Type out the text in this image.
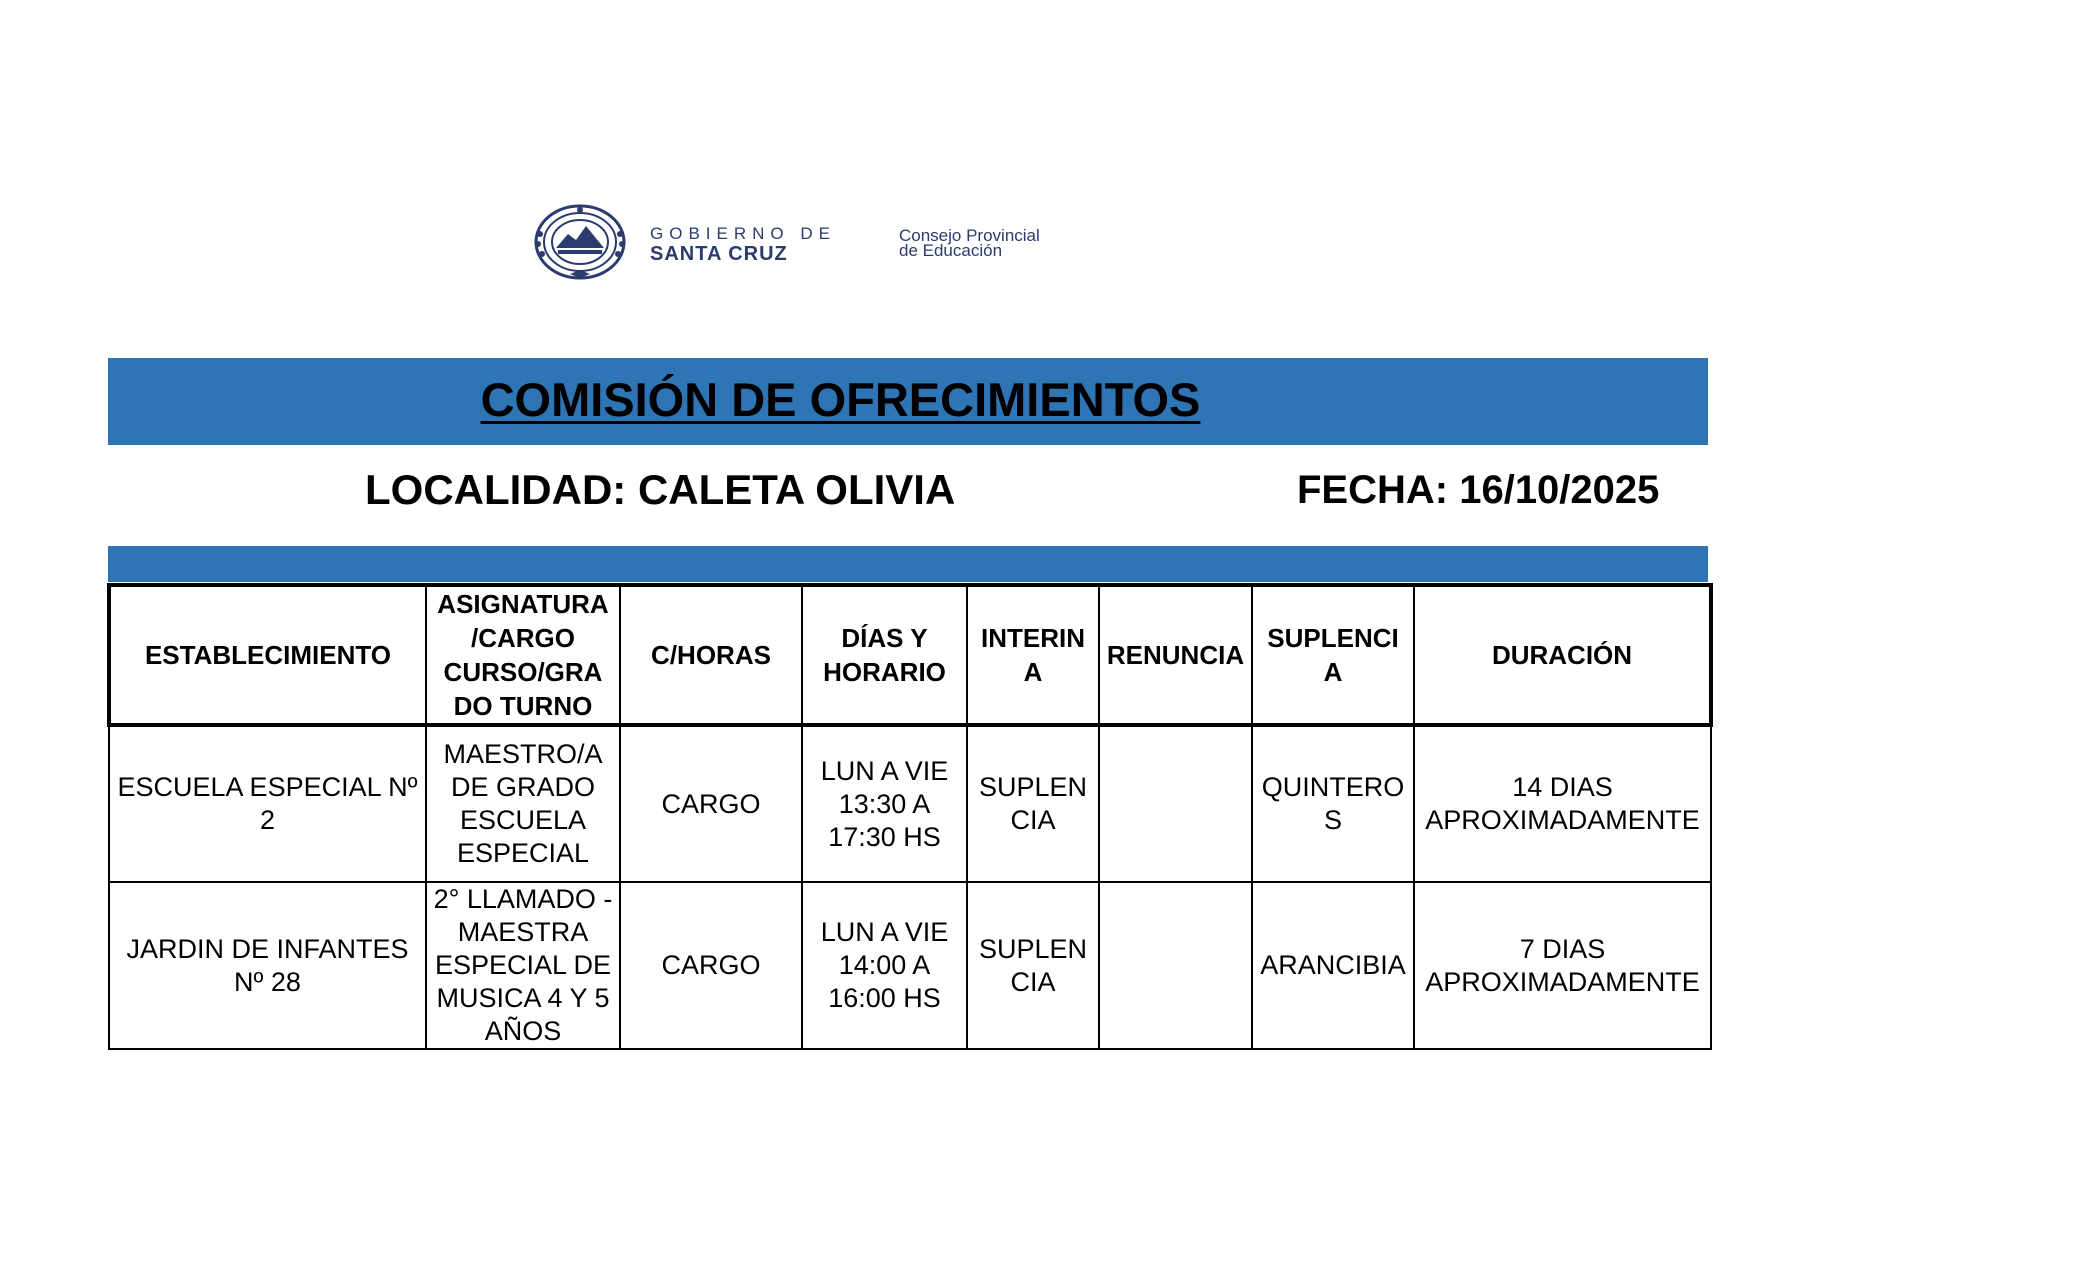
GOBIERNO DE
SANTA CRUZ
Consejo Provincial
de Educación
COMISIÓN DE OFRECIMIENTOS
LOCALIDAD: CALETA OLIVIA	FECHA: 16/10/2025
ESTABLECIMIENTO	ASIGNATURA /CARGO CURSO/GRA DO TURNO	C/HORAS	DÍAS Y HORARIO	INTERIN A	RENUNCIA	SUPLENCI A	DURACIÓN
ESCUELA ESPECIAL Nº 2	MAESTRO/A DE GRADO ESCUELA ESPECIAL	CARGO	LUN A VIE 13:30 A 17:30 HS	SUPLEN CIA		QUINTERO S	14 DIAS APROXIMADAMENTE
JARDIN DE INFANTES Nº 28	2° LLAMADO - MAESTRA ESPECIAL DE MUSICA 4 Y 5 AÑOS	CARGO	LUN A VIE 14:00 A 16:00 HS	SUPLEN CIA		ARANCIBIA	7 DIAS APROXIMADAMENTE
